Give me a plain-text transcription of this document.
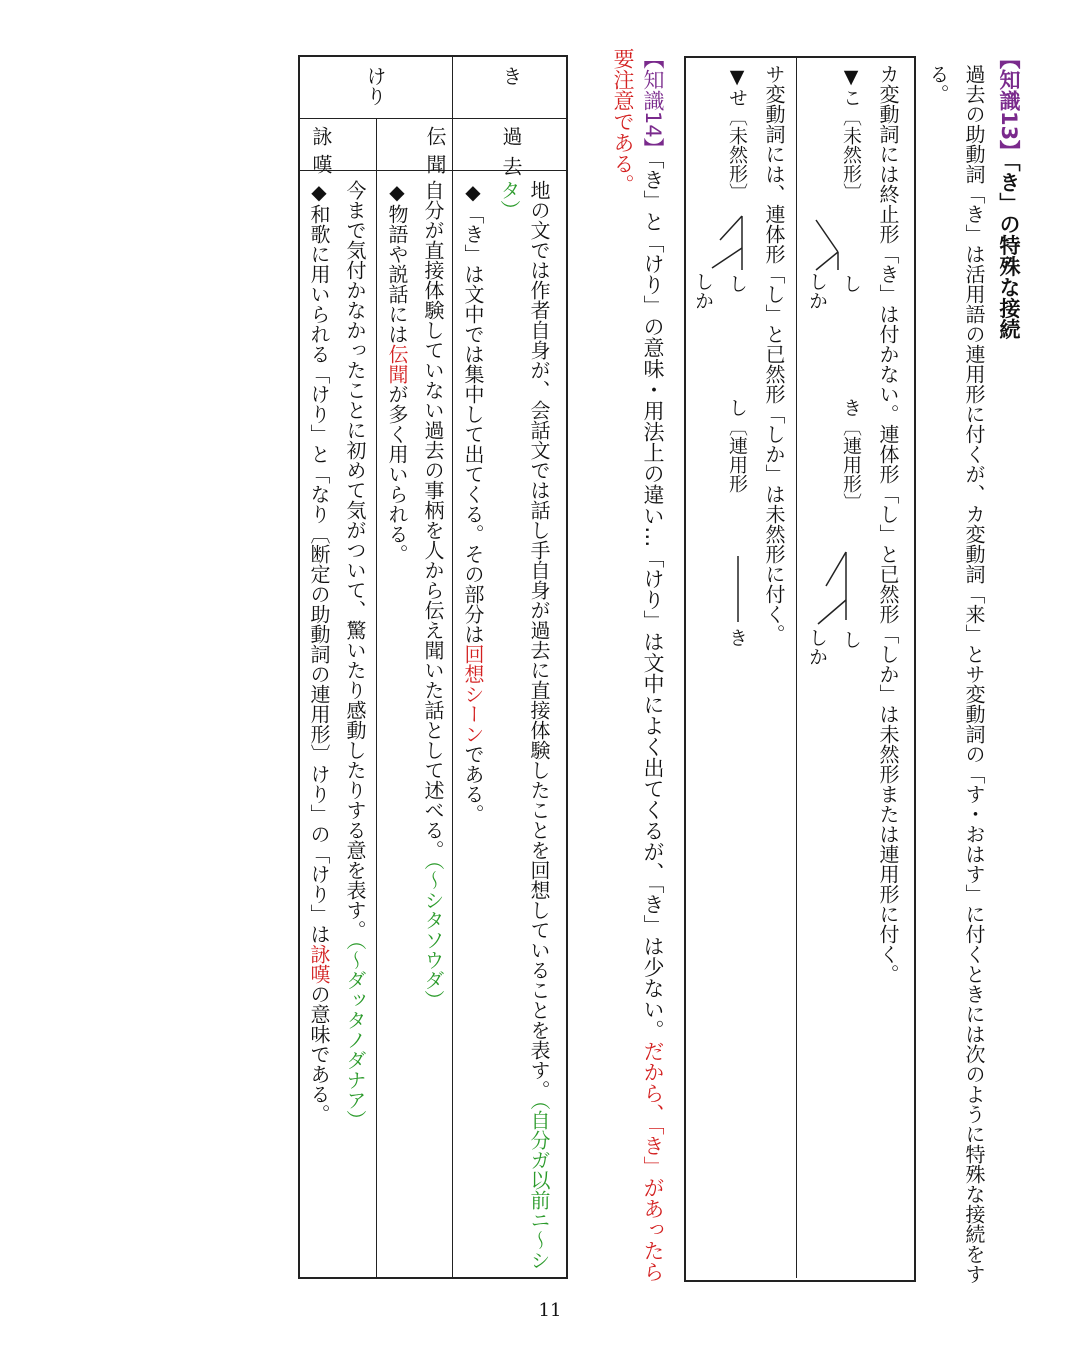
【知識13】「き」の特殊な接続
過去の助動詞「き」は活用語の連用形に付くが、カ変動詞「来」とサ変動詞の「す・おはす」に付くときには次のように特殊な接続をする。
カ変動詞には終止形「き」は付かない。連体形「し」と已然形「しか」は未然形または連用形に付く。
▼こ〔未然形〕
し
しか
き〔連用形〕
し
しか
サ変動詞には、連体形「し」と已然形「しか」は未然形に付く。
▼せ〔未然形〕
し
しか
し〔連用形
き
【知識14】「き」と「けり」の意味・用法上の違い…「けり」は文中によく出てくるが、「き」は少ない。だから、「き」があったら要注意である。
き
けり
過去
伝聞
詠嘆
地の文では作者自身が、会話文では話し手自身が過去に直接体験したことを回想していることを表す。（自分ガ以前ニ～シタ）
◆「き」は文中では集中して出てくる。その部分は回想シーンである。
自分が直接体験していない過去の事柄を人から伝え聞いた話として述べる。（～シタソウダ）
◆物語や説話には伝聞が多く用いられる。
今まで気付かなかったことに初めて気がついて、驚いたり感動したりする意を表す。（～ダッタノダナア）
◆和歌に用いられる「けり」と「なり〔断定の助動詞の連用形〕けり」の「けり」は詠嘆の意味である。
11
